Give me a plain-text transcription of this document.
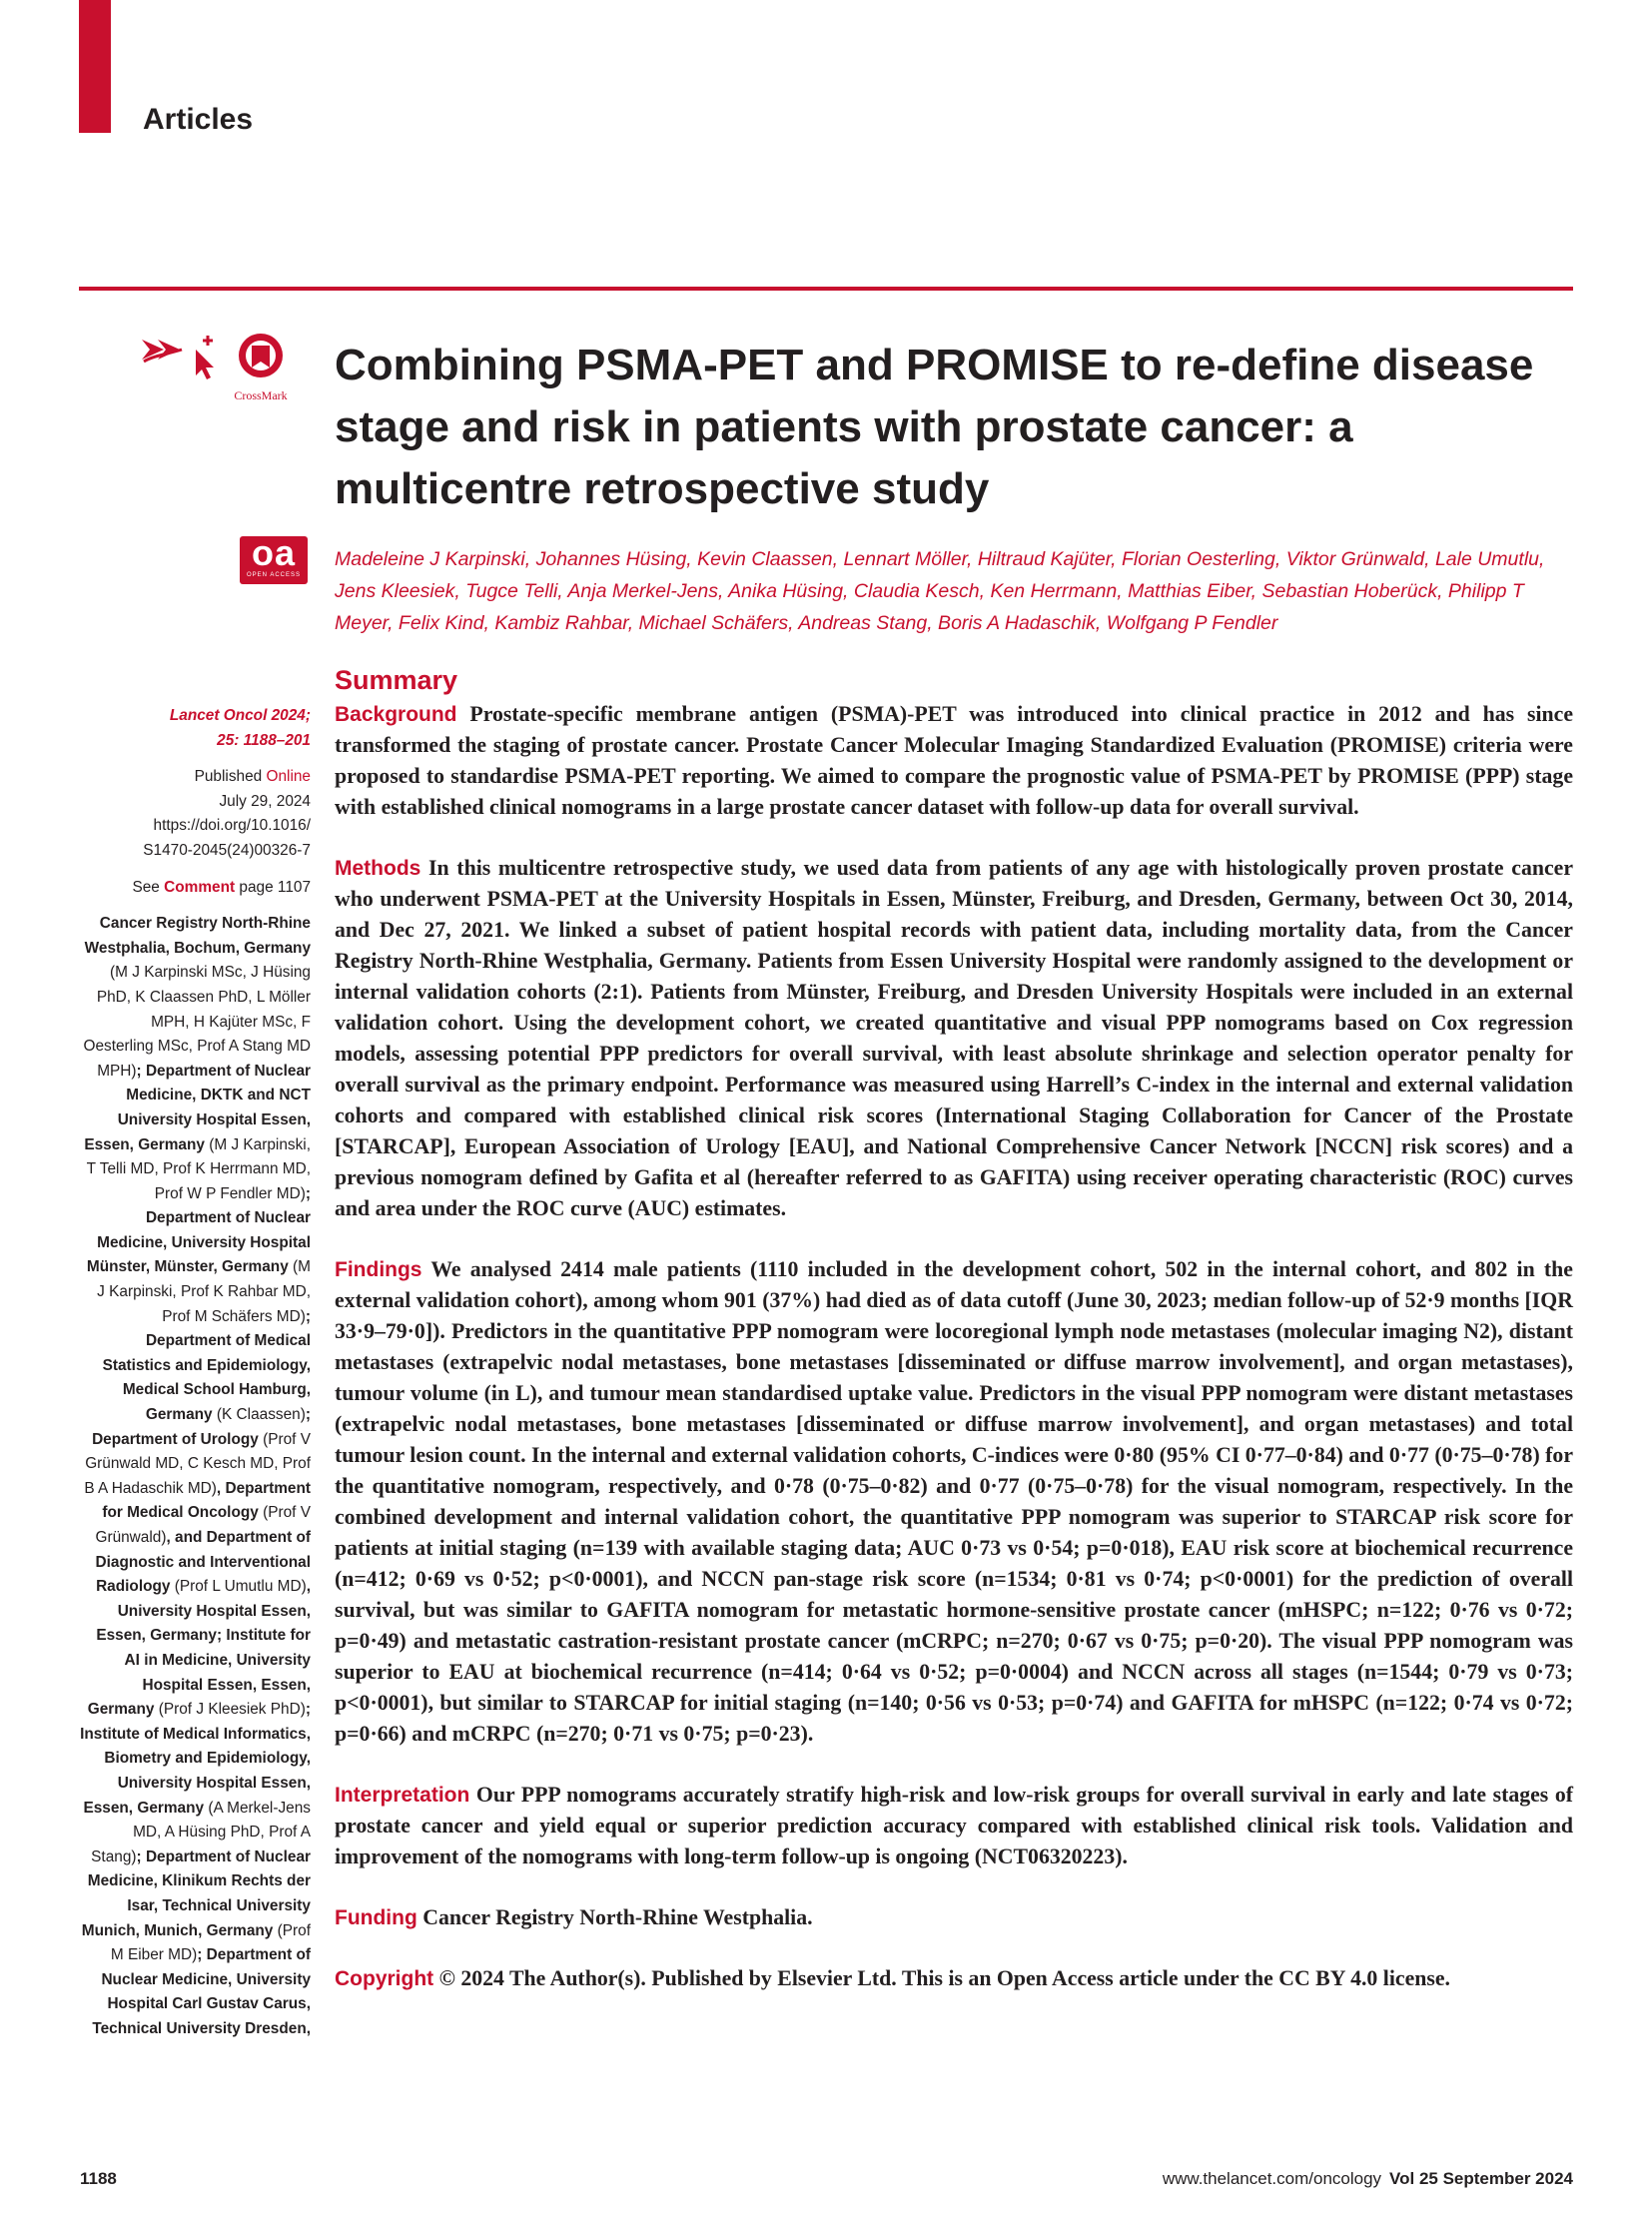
Articles
CrossMark
oa
OPEN ACCESS
Combining PSMA-PET and PROMISE to re-define disease stage and risk in patients with prostate cancer: a multicentre retrospective study

Madeleine J Karpinski, Johannes Hüsing, Kevin Claassen, Lennart Möller, Hiltraud Kajüter, Florian Oesterling, Viktor Grünwald, Lale Umutlu, Jens Kleesiek, Tugce Telli, Anja Merkel-Jens, Anika Hüsing, Claudia Kesch, Ken Herrmann, Matthias Eiber, Sebastian Hoberück, Philipp T Meyer, Felix Kind, Kambiz Rahbar, Michael Schäfers, Andreas Stang, Boris A Hadaschik, Wolfgang P Fendler

Lancet Oncol 2024;
25: 1188–201

Published Online
July 29, 2024
https://doi.org/10.1016/
S1470-2045(24)00326-7

See Comment page 1107

Cancer Registry North-Rhine Westphalia, Bochum, Germany (M J Karpinski MSc, J Hüsing PhD, K Claassen PhD, L Möller MPH, H Kajüter MSc, F Oesterling MSc, Prof A Stang MD MPH); Department of Nuclear Medicine, DKTK and NCT University Hospital Essen, Essen, Germany (M J Karpinski, T Telli MD, Prof K Herrmann MD, Prof W P Fendler MD); Department of Nuclear Medicine, University Hospital Münster, Münster, Germany (M J Karpinski, Prof K Rahbar MD, Prof M Schäfers MD); Department of Medical Statistics and Epidemiology, Medical School Hamburg, Germany (K Claassen); Department of Urology (Prof V Grünwald MD, C Kesch MD, Prof B A Hadaschik MD), Department for Medical Oncology (Prof V Grünwald), and Department of Diagnostic and Interventional Radiology (Prof L Umutlu MD), University Hospital Essen, Essen, Germany; Institute for AI in Medicine, University Hospital Essen, Essen, Germany (Prof J Kleesiek PhD); Institute of Medical Informatics, Biometry and Epidemiology, University Hospital Essen, Essen, Germany (A Merkel-Jens MD, A Hüsing PhD, Prof A Stang); Department of Nuclear Medicine, Klinikum Rechts der Isar, Technical University Munich, Munich, Germany (Prof M Eiber MD); Department of Nuclear Medicine, University Hospital Carl Gustav Carus, Technical University Dresden,

Summary

Background Prostate-specific membrane antigen (PSMA)-PET was introduced into clinical practice in 2012 and has since transformed the staging of prostate cancer. Prostate Cancer Molecular Imaging Standardized Evaluation (PROMISE) criteria were proposed to standardise PSMA-PET reporting. We aimed to compare the prognostic value of PSMA-PET by PROMISE (PPP) stage with established clinical nomograms in a large prostate cancer dataset with follow-up data for overall survival.

Methods In this multicentre retrospective study, we used data from patients of any age with histologically proven prostate cancer who underwent PSMA-PET at the University Hospitals in Essen, Münster, Freiburg, and Dresden, Germany, between Oct 30, 2014, and Dec 27, 2021. We linked a subset of patient hospital records with patient data, including mortality data, from the Cancer Registry North-Rhine Westphalia, Germany. Patients from Essen University Hospital were randomly assigned to the development or internal validation cohorts (2:1). Patients from Münster, Freiburg, and Dresden University Hospitals were included in an external validation cohort. Using the development cohort, we created quantitative and visual PPP nomograms based on Cox regression models, assessing potential PPP predictors for overall survival, with least absolute shrinkage and selection operator penalty for overall survival as the primary endpoint. Performance was measured using Harrell’s C-index in the internal and external validation cohorts and compared with established clinical risk scores (International Staging Collaboration for Cancer of the Prostate [STARCAP], European Association of Urology [EAU], and National Comprehensive Cancer Network [NCCN] risk scores) and a previous nomogram defined by Gafita et al (hereafter referred to as GAFITA) using receiver operating characteristic (ROC) curves and area under the ROC curve (AUC) estimates.

Findings We analysed 2414 male patients (1110 included in the development cohort, 502 in the internal cohort, and 802 in the external validation cohort), among whom 901 (37%) had died as of data cutoff (June 30, 2023; median follow-up of 52·9 months [IQR 33·9–79·0]). Predictors in the quantitative PPP nomogram were locoregional lymph node metastases (molecular imaging N2), distant metastases (extrapelvic nodal metastases, bone metastases [disseminated or diffuse marrow involvement], and organ metastases), tumour volume (in L), and tumour mean standardised uptake value. Predictors in the visual PPP nomogram were distant metastases (extrapelvic nodal metastases, bone metastases [disseminated or diffuse marrow involvement], and organ metastases) and total tumour lesion count. In the internal and external validation cohorts, C-indices were 0·80 (95% CI 0·77–0·84) and 0·77 (0·75–0·78) for the quantitative nomogram, respectively, and 0·78 (0·75–0·82) and 0·77 (0·75–0·78) for the visual nomogram, respectively. In the combined development and internal validation cohort, the quantitative PPP nomogram was superior to STARCAP risk score for patients at initial staging (n=139 with available staging data; AUC 0·73 vs 0·54; p=0·018), EAU risk score at biochemical recurrence (n=412; 0·69 vs 0·52; p<0·0001), and NCCN pan-stage risk score (n=1534; 0·81 vs 0·74; p<0·0001) for the prediction of overall survival, but was similar to GAFITA nomogram for metastatic hormone-sensitive prostate cancer (mHSPC; n=122; 0·76 vs 0·72; p=0·49) and metastatic castration-resistant prostate cancer (mCRPC; n=270; 0·67 vs 0·75; p=0·20). The visual PPP nomogram was superior to EAU at biochemical recurrence (n=414; 0·64 vs 0·52; p=0·0004) and NCCN across all stages (n=1544; 0·79 vs 0·73; p<0·0001), but similar to STARCAP for initial staging (n=140; 0·56 vs 0·53; p=0·74) and GAFITA for mHSPC (n=122; 0·74 vs 0·72; p=0·66) and mCRPC (n=270; 0·71 vs 0·75; p=0·23).

Interpretation Our PPP nomograms accurately stratify high-risk and low-risk groups for overall survival in early and late stages of prostate cancer and yield equal or superior prediction accuracy compared with established clinical risk tools. Validation and improvement of the nomograms with long-term follow-up is ongoing (NCT06320223).

Funding Cancer Registry North-Rhine Westphalia.

Copyright © 2024 The Author(s). Published by Elsevier Ltd. This is an Open Access article under the CC BY 4.0 license.

1188	www.thelancet.com/oncology Vol 25 September 2024
